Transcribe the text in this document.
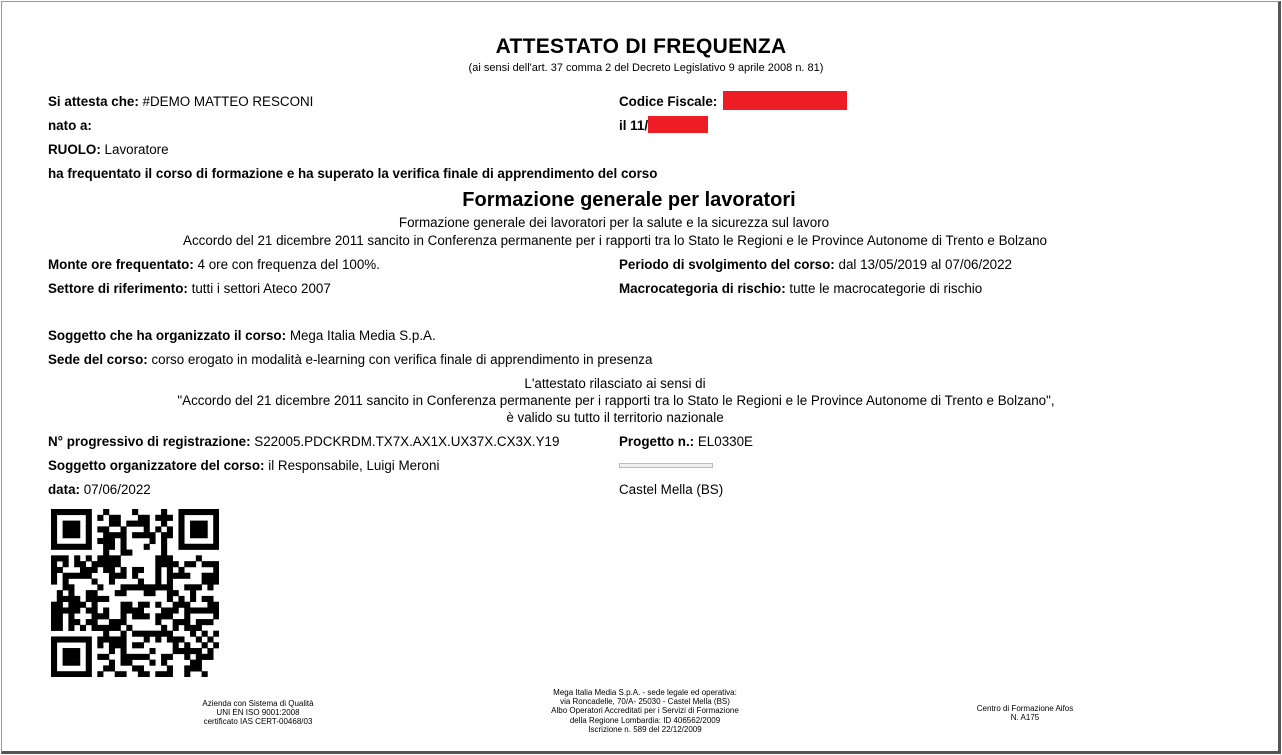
ATTESTATO DI FREQUENZA
(ai sensi dell'art. 37 comma 2 del Decreto Legislativo 9 aprile 2008 n. 81)
Si attesta che: #DEMO MATTEO RESCONI	Codice Fiscale:
nato a:	il 11/
RUOLO: Lavoratore
ha frequentato il corso di formazione e ha superato la verifica finale di apprendimento del corso
Formazione generale per lavoratori
Formazione generale dei lavoratori per la salute e la sicurezza sul lavoro
Accordo del 21 dicembre 2011 sancito in Conferenza permanente per i rapporti tra lo Stato le Regioni e le Province Autonome di Trento e Bolzano
Monte ore frequentato: 4 ore con frequenza del 100%.	Periodo di svolgimento del corso: dal 13/05/2019 al 07/06/2022
Settore di riferimento: tutti i settori Ateco 2007	Macrocategoria di rischio: tutte le macrocategorie di rischio
Soggetto che ha organizzato il corso: Mega Italia Media S.p.A.
Sede del corso: corso erogato in modalità e-learning con verifica finale di apprendimento in presenza
L'attestato rilasciato ai sensi di
"Accordo del 21 dicembre 2011 sancito in Conferenza permanente per i rapporti tra lo Stato le Regioni e le Province Autonome di Trento e Bolzano",
è valido su tutto il territorio nazionale
N° progressivo di registrazione: S22005.PDCKRDM.TX7X.AX1X.UX37X.CX3X.Y19	Progetto n.: EL0330E
Soggetto organizzatore del corso: il Responsabile, Luigi Meroni
data: 07/06/2022	Castel Mella (BS)
Azienda con Sistema di Qualità
UNI EN ISO 9001:2008
certificato IAS CERT-00468/03
Mega Italia Media S.p.A. - sede legale ed operativa:
via Roncadelle, 70/A- 25030 - Castel Mella (BS)
Albo Operatori Accreditati per i Servizi di Formazione
della Regione Lombardia: ID 406562/2009
Iscrizione n. 589 del 22/12/2009
Centro di Formazione Aifos
N. A175
